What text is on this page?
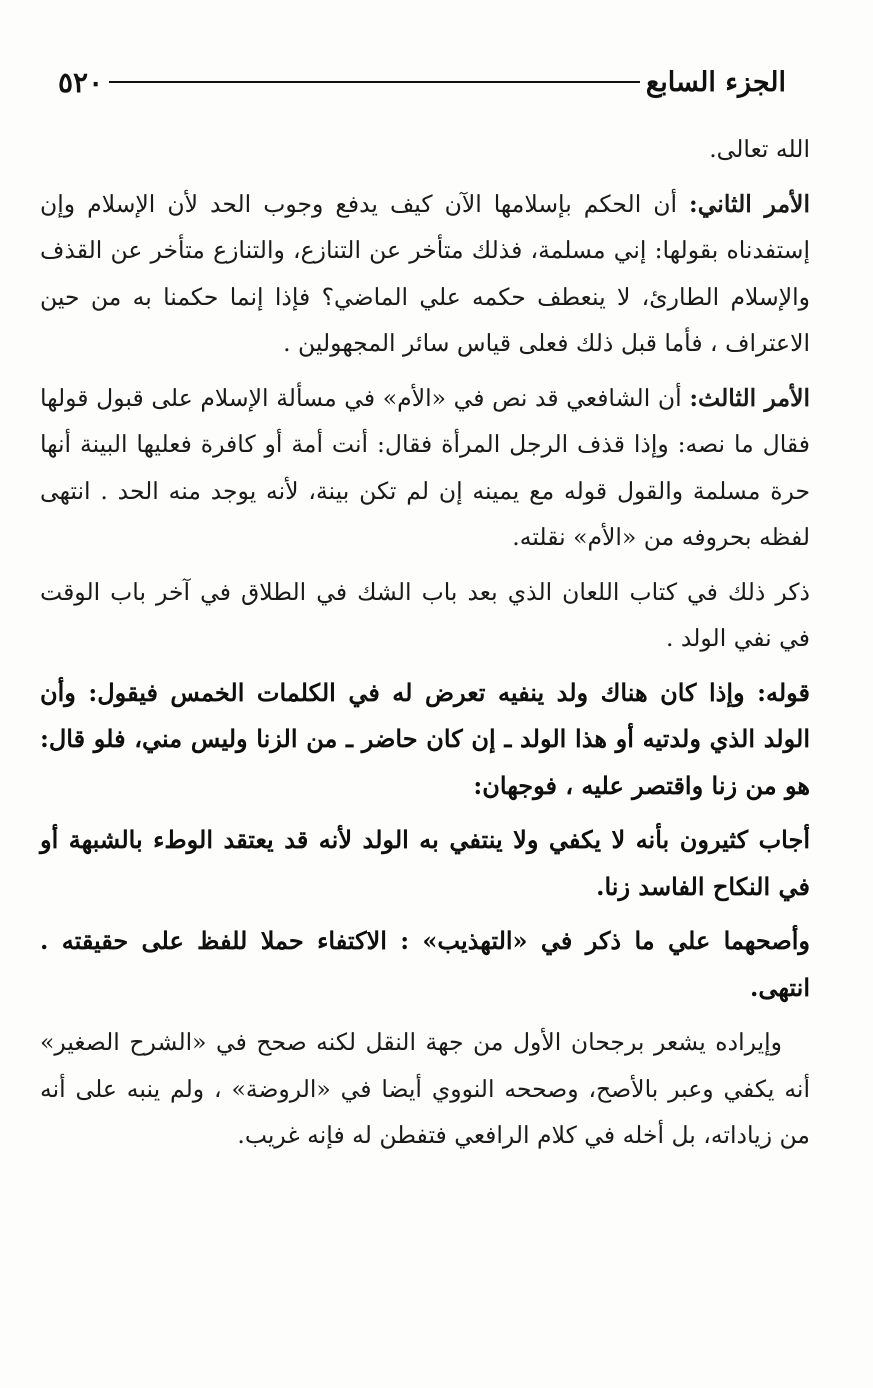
الجزء السابع
٥٢٠

الله تعالى.

الأمر الثاني: أن الحكم بإسلامها الآن كيف يدفع وجوب الحد لأن الإسلام وإن إستفدناه بقولها: إني مسلمة، فذلك متأخر عن التنازع، والتنازع متأخر عن القذف والإسلام الطارئ، لا ينعطف حكمه علي الماضي؟ فإذا إنما حكمنا به من حين الاعتراف ، فأما قبل ذلك فعلى قياس سائر المجهولين .

الأمر الثالث: أن الشافعي قد نص في «الأم» في مسألة الإسلام على قبول قولها فقال ما نصه: وإذا قذف الرجل المرأة فقال: أنت أمة أو كافرة فعليها البينة أنها حرة مسلمة والقول قوله مع يمينه إن لم تكن بينة، لأنه يوجد منه الحد . انتهى لفظه بحروفه من «الأم» نقلته.

ذكر ذلك في كتاب اللعان الذي بعد باب الشك في الطلاق في آخر باب الوقت في نفي الولد .

قوله: وإذا كان هناك ولد ينفيه تعرض له في الكلمات الخمس فيقول: وأن الولد الذي ولدتيه أو هذا الولد ـ إن كان حاضر ـ من الزنا وليس مني، فلو قال: هو من زنا واقتصر عليه ، فوجهان:

أجاب كثيرون بأنه لا يكفي ولا ينتفي به الولد لأنه قد يعتقد الوطء بالشبهة أو في النكاح الفاسد زنا.

وأصحهما علي ما ذكر في «التهذيب» : الاكتفاء حملا للفظ على حقيقته . انتهى.

وإيراده يشعر برجحان الأول من جهة النقل لكنه صحح في «الشرح الصغير» أنه يكفي وعبر بالأصح، وصححه النووي أيضا في «الروضة» ، ولم ينبه على أنه من زياداته، بل أخله في كلام الرافعي فتفطن له فإنه غريب.
